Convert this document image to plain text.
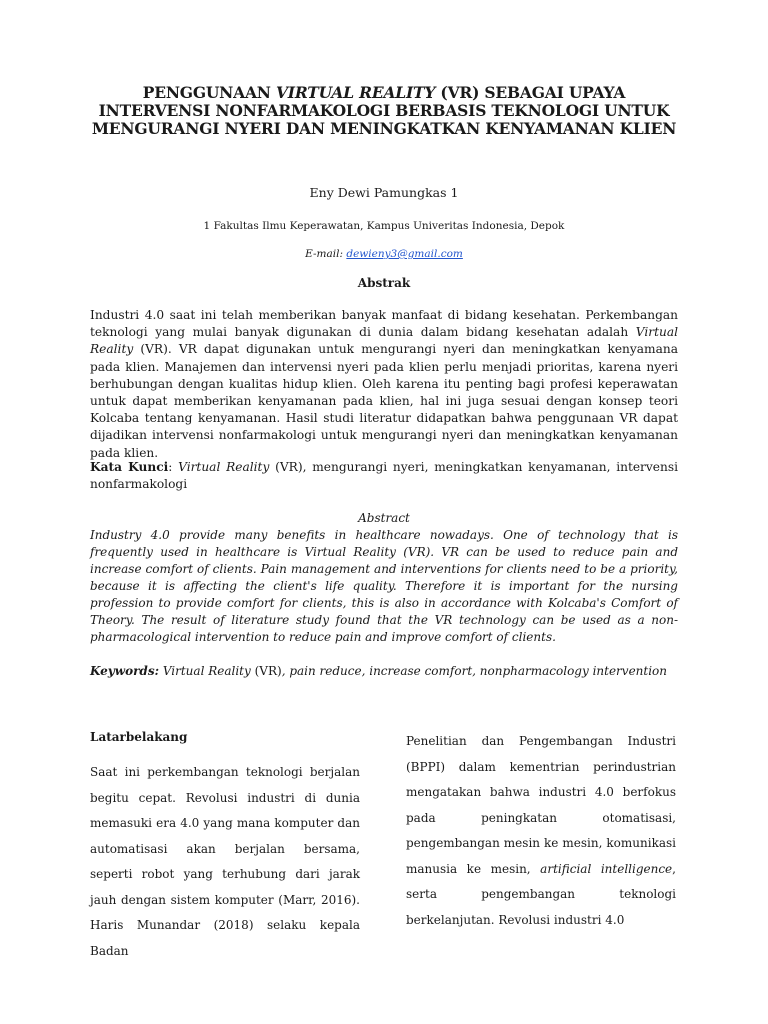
PENGGUNAAN VIRTUAL REALITY (VR) SEBAGAI UPAYA INTERVENSI NONFARMAKOLOGI BERBASIS TEKNOLOGI UNTUK MENGURANGI NYERI DAN MENINGKATKAN KENYAMANAN KLIEN
Eny Dewi Pamungkas 1
1 Fakultas Ilmu Keperawatan, Kampus Univeritas Indonesia, Depok
E-mail: dewieny3@gmail.com
Abstrak
Industri 4.0 saat ini telah memberikan banyak manfaat di bidang kesehatan. Perkembangan teknologi yang mulai banyak digunakan di dunia dalam bidang kesehatan adalah Virtual Reality (VR). VR dapat digunakan untuk mengurangi nyeri dan meningkatkan kenyamana pada klien. Manajemen dan intervensi nyeri pada klien perlu menjadi prioritas, karena nyeri berhubungan dengan kualitas hidup klien. Oleh karena itu penting bagi profesi keperawatan untuk dapat memberikan kenyamanan pada klien, hal ini juga sesuai dengan konsep teori Kolcaba tentang kenyamanan. Hasil studi literatur didapatkan bahwa penggunaan VR dapat dijadikan intervensi nonfarmakologi untuk mengurangi nyeri dan meningkatkan kenyamanan pada klien.
Kata Kunci: Virtual Reality (VR), mengurangi nyeri, meningkatkan kenyamanan, intervensi nonfarmakologi
Abstract
Industry 4.0 provide many benefits in healthcare nowadays. One of technology that is frequently used in healthcare is Virtual Reality (VR). VR can be used to reduce pain and increase comfort of clients. Pain management and interventions for clients need to be a priority, because it is affecting the client's life quality. Therefore it is important for the nursing profession to provide comfort for clients, this is also in accordance with Kolcaba's Comfort of Theory. The result of literature study found that the VR technology can be used as a non-pharmacological intervention to reduce pain and improve comfort of clients.
Keywords: Virtual Reality (VR), pain reduce, increase comfort, nonpharmacology intervention
Latarbelakang
Saat ini perkembangan teknologi berjalan begitu cepat. Revolusi industri di dunia memasuki era 4.0 yang mana komputer dan automatisasi akan berjalan bersama, seperti robot yang terhubung dari jarak jauh dengan sistem komputer (Marr, 2016). Haris Munandar (2018) selaku kepala Badan
Penelitian dan Pengembangan Industri (BPPI) dalam kementrian perindustrian mengatakan bahwa industri 4.0 berfokus pada peningkatan otomatisasi, pengembangan mesin ke mesin, komunikasi manusia ke mesin, artificial intelligence, serta pengembangan teknologi berkelanjutan. Revolusi industri 4.0
